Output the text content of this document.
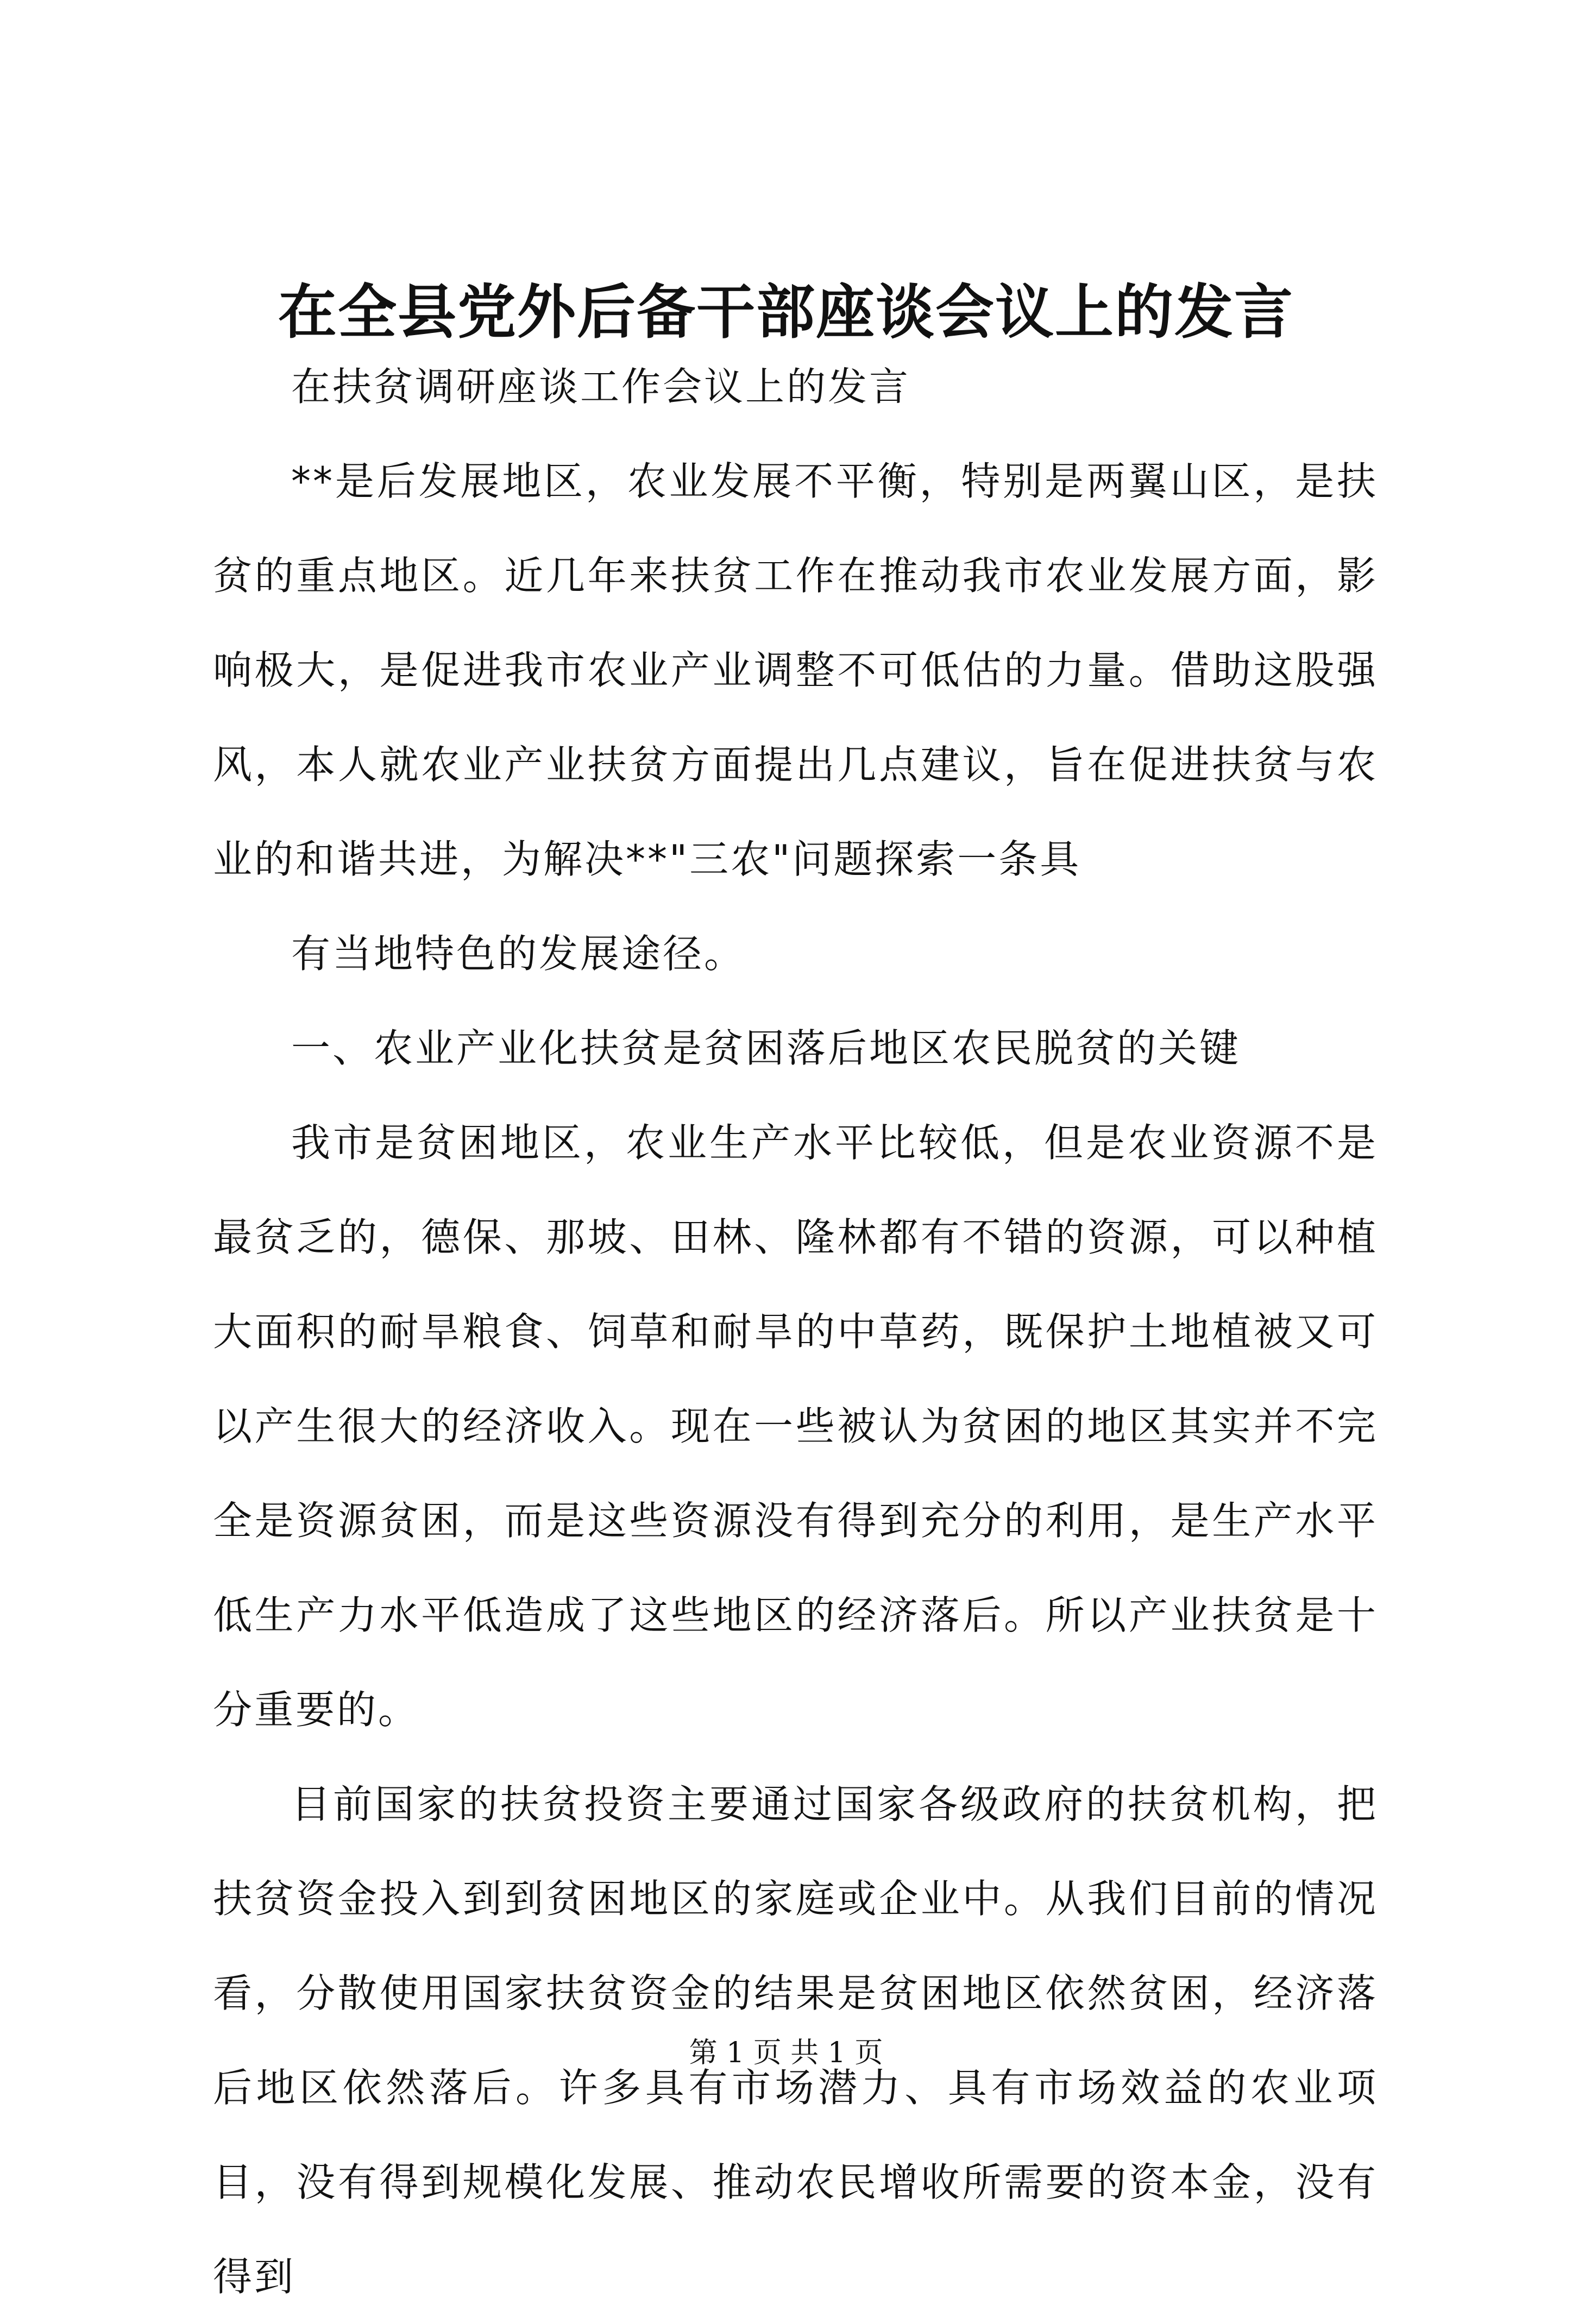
在全县党外后备干部座谈会议上的发言

在扶贫调研座谈工作会议上的发言

**是后发展地区，农业发展不平衡，特别是两翼山区，是扶贫的重点地区。近几年来扶贫工作在推动我市农业发展方面，影响极大，是促进我市农业产业调整不可低估的力量。借助这股强风，本人就农业产业扶贫方面提出几点建议，旨在促进扶贫与农业的和谐共进，为解决**"三农"问题探索一条具

有当地特色的发展途径。

一、农业产业化扶贫是贫困落后地区农民脱贫的关键

我市是贫困地区，农业生产水平比较低，但是农业资源不是最贫乏的，德保、那坡、田林、隆林都有不错的资源，可以种植大面积的耐旱粮食、饲草和耐旱的中草药，既保护土地植被又可以产生很大的经济收入。现在一些被认为贫困的地区其实并不完全是资源贫困，而是这些资源没有得到充分的利用，是生产水平低生产力水平低造成了这些地区的经济落后。所以产业扶贫是十分重要的。

目前国家的扶贫投资主要通过国家各级政府的扶贫机构，把扶贫资金投入到到贫困地区的家庭或企业中。从我们目前的情况看，分散使用国家扶贫资金的结果是贫困地区依然贫困，经济落后地区依然落后。许多具有市场潜力、具有市场效益的农业项目，没有得到规模化发展、推动农民增收所需要的资本金，没有得到

第 1 页 共 1 页
